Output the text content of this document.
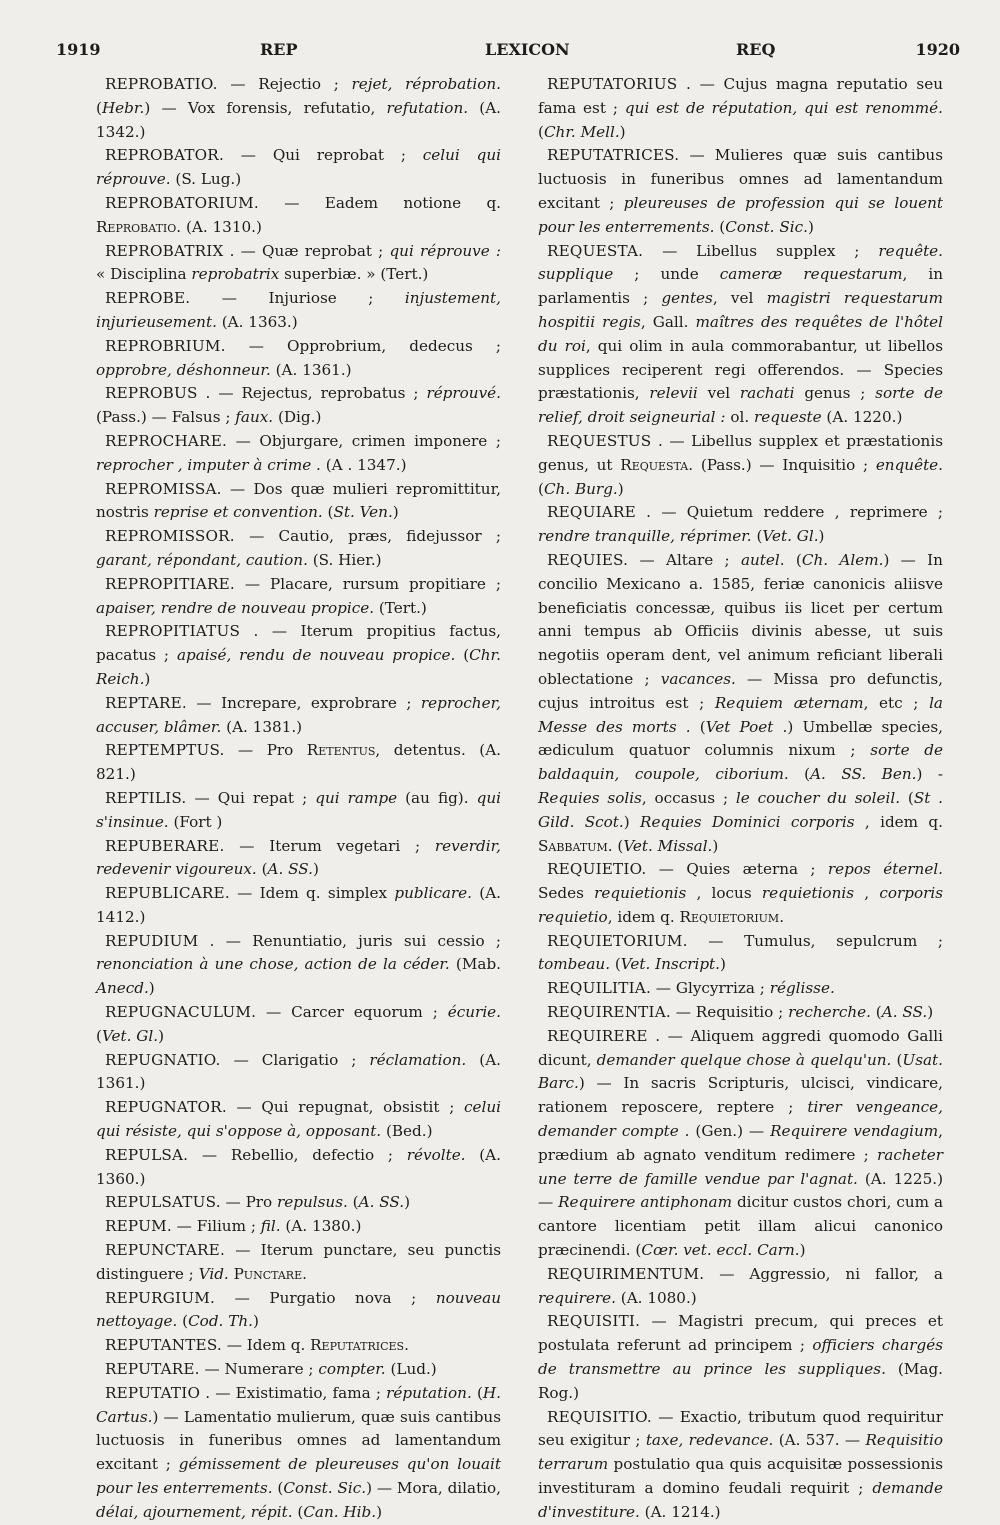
1919	REP	LEXICON	REQ	1920

REPROBATIO. — Rejectio ; rejet, réprobation. (Hebr.) — Vox forensis, refutatio, refutation. (A. 1342.)

REPROBATOR. — Qui reprobat ; celui qui réprouve. (S. Lug.)

REPROBATORIUM. — Eadem notione q. Reprobatio. (A. 1310.)

REPROBATRIX . — Quæ reprobat ; qui réprouve : « Disciplina reprobatrix superbiæ. » (Tert.)

REPROBE. — Injuriose ; injustement, injurieusement. (A. 1363.)

REPROBRIUM. — Opprobrium, dedecus ; opprobre, déshonneur. (A. 1361.)

REPROBUS . — Rejectus, reprobatus ; réprouvé. (Pass.) — Falsus ; faux. (Dig.)

REPROCHARE. — Objurgare, crimen imponere ; reprocher , imputer à crime . (A . 1347.)

REPROMISSA. — Dos quæ mulieri repromittitur, nostris reprise et convention. (St. Ven.)

REPROMISSOR. — Cautio, præs, fidejussor ; garant, répondant, caution. (S. Hier.)

REPROPITIARE. — Placare, rursum propitiare ; apaiser, rendre de nouveau propice. (Tert.)

REPROPITIATUS . — Iterum propitius factus, pacatus ; apaisé, rendu de nouveau propice. (Chr. Reich.)

REPTARE. — Increpare, exprobrare ; reprocher, accuser, blâmer. (A. 1381.)

REPTEMPTUS. — Pro Retentus, detentus. (A. 821.)

REPTILIS. — Qui repat ; qui rampe (au fig). qui s'insinue. (Fort )

REPUBERARE. — Iterum vegetari ; reverdir, redevenir vigoureux. (A. SS.)

REPUBLICARE. — Idem q. simplex publicare. (A. 1412.)

REPUDIUM . — Renuntiatio, juris sui cessio ; renonciation à une chose, action de la céder. (Mab. Anecd.)

REPUGNACULUM. — Carcer equorum ; écurie. (Vet. Gl.)

REPUGNATIO. — Clarigatio ; réclamation. (A. 1361.)

REPUGNATOR. — Qui repugnat, obsistit ; celui qui résiste, qui s'oppose à, opposant. (Bed.)

REPULSA. — Rebellio, defectio ; révolte. (A. 1360.)

REPULSATUS. — Pro repulsus. (A. SS.)

REPUM. — Filium ; fil. (A. 1380.)

REPUNCTARE. — Iterum punctare, seu punctis distinguere ; Vid. Punctare.

REPURGIUM. — Purgatio nova ; nouveau nettoyage. (Cod. Th.)

REPUTANTES. — Idem q. Reputatrices.

REPUTARE. — Numerare ; compter. (Lud.)

REPUTATIO . — Existimatio, fama ; réputation. (H. Cartus.) — Lamentatio mulierum, quæ suis cantibus luctuosis in funeribus omnes ad lamentandum excitant ; gémissement de pleureuses qu'on louait pour les enterrements. (Const. Sic.) — Mora, dilatio, délai, ajournement, répit. (Can. Hib.)

REPUTATORIUS . — Cujus magna reputatio seu fama est ; qui est de réputation, qui est renommé. (Chr. Mell.)

REPUTATRICES. — Mulieres quæ suis cantibus luctuosis in funeribus omnes ad lamentandum excitant ; pleureuses de profession qui se louent pour les enterrements. (Const. Sic.)

REQUESTA. — Libellus supplex ; requête. supplique ; unde cameræ requestarum, in parlamentis ; gentes, vel magistri requestarum hospitii regis, Gall. maîtres des requêtes de l'hôtel du roi, qui olim in aula commorabantur, ut libellos supplices reciperent regi offerendos. — Species præstationis, relevii vel rachati genus ; sorte de relief, droit seigneurial : ol. requeste (A. 1220.)

REQUESTUS . — Libellus supplex et præstationis genus, ut Requesta. (Pass.) — Inquisitio ; enquête. (Ch. Burg.)

REQUIARE . — Quietum reddere , reprimere ; rendre tranquille, réprimer. (Vet. Gl.)

REQUIES. — Altare ; autel. (Ch. Alem.) — In concilio Mexicano a. 1585, feriæ canonicis aliisve beneficiatis concessæ, quibus iis licet per certum anni tempus ab Officiis divinis abesse, ut suis negotiis operam dent, vel animum reficiant liberali oblectatione ; vacances. — Missa pro defunctis, cujus introitus est ; Requiem æternam, etc ; la Messe des morts . (Vet Poet .) Umbellæ species, ædiculum quatuor columnis nixum ; sorte de baldaquin, coupole, ciborium. (A. SS. Ben.) - Requies solis, occasus ; le coucher du soleil. (St . Gild. Scot.) Requies Dominici corporis , idem q. Sabbatum. (Vet. Missal.)

REQUIETIO. — Quies æterna ; repos éternel. Sedes requietionis , locus requietionis , corporis requietio, idem q. Requietorium.

REQUIETORIUM. — Tumulus, sepulcrum ; tombeau. (Vet. Inscript.)

REQUILITIA. — Glycyrriza ; réglisse.

REQUIRENTIA. — Requisitio ; recherche. (A. SS.)

REQUIRERE . — Aliquem aggredi quomodo Galli dicunt, demander quelque chose à quelqu'un. (Usat. Barc.) — In sacris Scripturis, ulcisci, vindicare, rationem reposcere, reptere ; tirer vengeance, demander compte . (Gen.) — Requirere vendagium, prædium ab agnato venditum redimere ; racheter une terre de famille vendue par l'agnat. (A. 1225.) — Requirere antiphonam dicitur custos chori, cum a cantore licentiam petit illam alicui canonico præcinendi. (Cœr. vet. eccl. Carn.)

REQUIRIMENTUM. — Aggressio, ni fallor, a requirere. (A. 1080.)

REQUISITI. — Magistri precum, qui preces et postulata referunt ad principem ; officiers chargés de transmettre au prince les suppliques. (Mag. Rog.)

REQUISITIO. — Exactio, tributum quod requiritur seu exigitur ; taxe, redevance. (A. 537. — Requisitio terrarum postulatio qua quis acquisitæ possessionis investituram a domino feudali requirit ; demande d'investiture. (A. 1214.)
